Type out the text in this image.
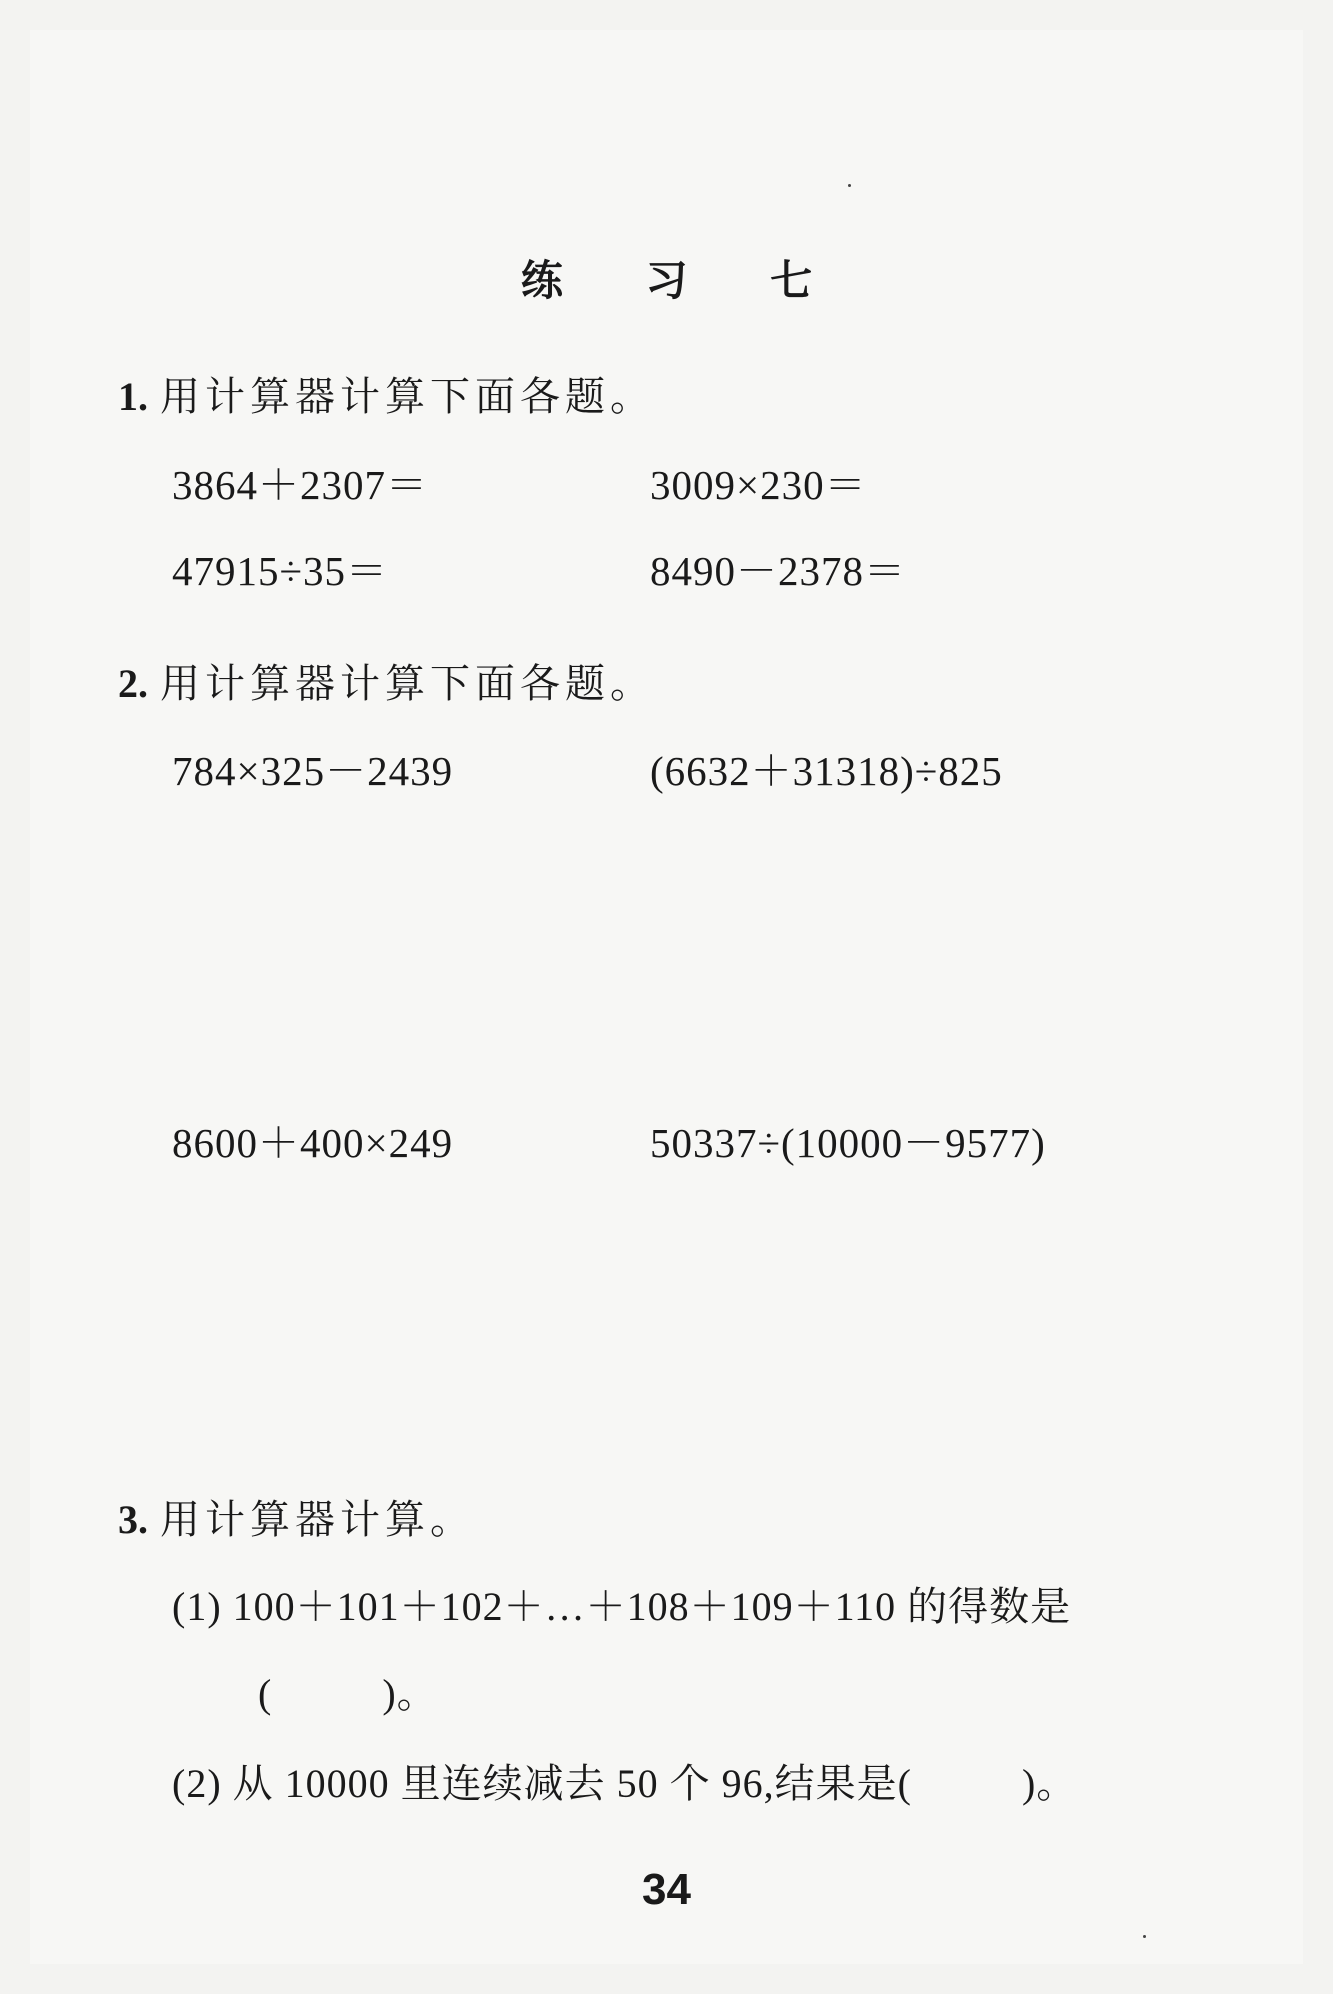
练 习 七
1. 用计算器计算下面各题。
3864＋2307＝	3009×230＝
47915÷35＝	8490－2378＝
2. 用计算器计算下面各题。
784×325－2439	(6632＋31318)÷825
8600＋400×249	50337÷(10000－9577)
3. 用计算器计算。
(1) 100＋101＋102＋…＋108＋109＋110 的得数是
(          )。
(2) 从 10000 里连续减去 50 个 96,结果是(          )。
34
